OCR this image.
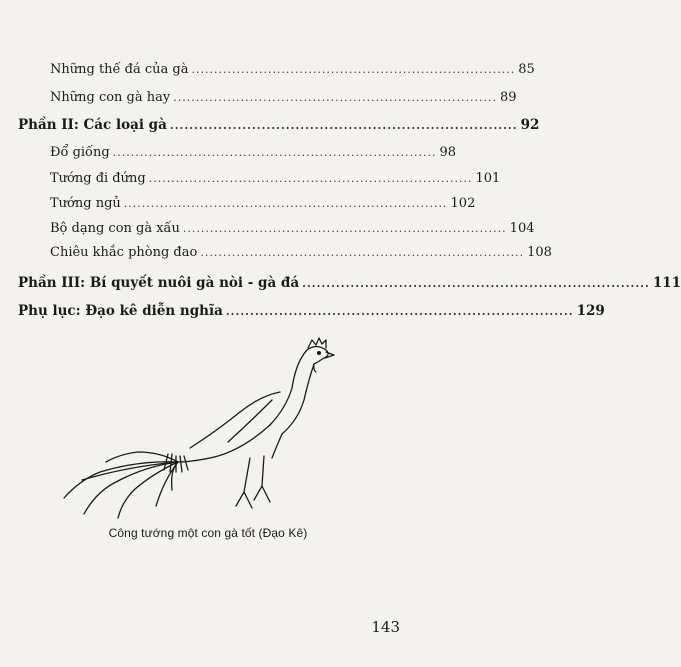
Những thế đá của gà ........................................................................ 85
Những con gà hay ........................................................................ 89
Phần II: Các loại gà ........................................................................ 92
Đổ giống ........................................................................ 98
Tướng đi đứng ........................................................................ 101
Tướng ngủ ........................................................................ 102
Bộ dạng con gà xấu ........................................................................ 104
Chiêu khắc phòng đao ........................................................................ 108
Phần III: Bí quyết nuôi gà nòi - gà đá ........................................................................ 111
Phụ lục: Đạo kê diễn nghĩa ........................................................................ 129
Công tướng một con gà tốt (Đạo Kê)
143
